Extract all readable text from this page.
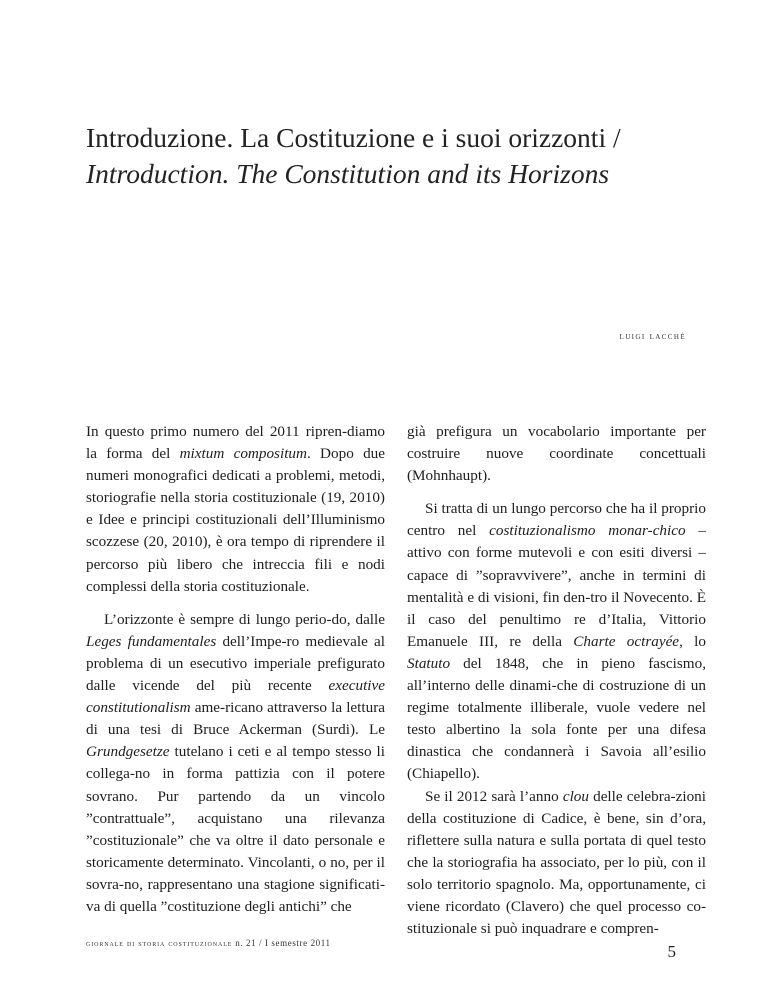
Introduzione. La Costituzione e i suoi orizzonti /
Introduction. The Constitution and its Horizons
luigi lacchè

In questo primo numero del 2011 ripren-diamo la forma del mixtum compositum. Dopo due numeri monografici dedicati a problemi, metodi, storiografie nella storia costituzionale (19, 2010) e Idee e principi costituzionali dell’Illuminismo scozzese (20, 2010), è ora tempo di riprendere il percorso più libero che intreccia fili e nodi complessi della storia costituzionale.

L’orizzonte è sempre di lungo perio-do, dalle Leges fundamentales dell’Impe-ro medievale al problema di un esecutivo imperiale prefigurato dalle vicende del più recente executive constitutionalism ame-ricano attraverso la lettura di una tesi di Bruce Ackerman (Surdi). Le Grundgesetze tutelano i ceti e al tempo stesso li collega-no in forma pattizia con il potere sovrano. Pur partendo da un vincolo ”contrattuale”, acquistano una rilevanza ”costituzionale” che va oltre il dato personale e storicamente determinato. Vincolanti, o no, per il sovra-no, rappresentano una stagione significati-va di quella ”costituzione degli antichi” che

già prefigura un vocabolario importante per costruire nuove coordinate concettuali (Mohnhaupt).

Si tratta di un lungo percorso che ha il proprio centro nel costituzionalismo monar-chico – attivo con forme mutevoli e con esiti diversi – capace di ”sopravvivere”, anche in termini di mentalità e di visioni, fin den-tro il Novecento. È il caso del penultimo re d’Italia, Vittorio Emanuele III, re della Charte octrayée, lo Statuto del 1848, che in pieno fascismo, all’interno delle dinami-che di costruzione di un regime totalmente illiberale, vuole vedere nel testo albertino la sola fonte per una difesa dinastica che condannerà i Savoia all’esilio (Chiapello).

Se il 2012 sarà l’anno clou delle celebra-zioni della costituzione di Cadice, è bene, sin d’ora, riflettere sulla natura e sulla portata di quel testo che la storiografia ha associato, per lo più, con il solo territorio spagnolo. Ma, opportunamente, ci viene ricordato (Clavero) che quel processo co-stituzionale si può inquadrare e compren-

giornale di storia costituzionale n. 21 / I semestre 2011	5
